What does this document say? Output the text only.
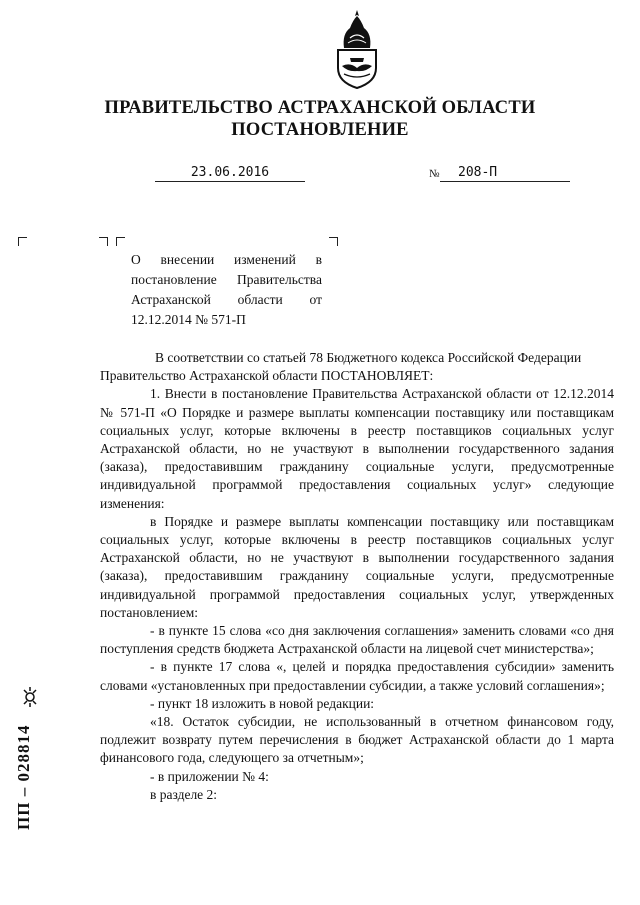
ПРАВИТЕЛЬСТВО АСТРАХАНСКОЙ ОБЛАСТИ
ПОСТАНОВЛЕНИЕ
23.06.2016	№	208-П
О внесении изменений в постановление Правительства Астраханской области от 12.12.2014 № 571-П

В соответствии со статьей 78 Бюджетного кодекса Российской Федерации

Правительство Астраханской области ПОСТАНОВЛЯЕТ:

1. Внести в постановление Правительства Астраханской области от 12.12.2014 № 571-П «О Порядке и размере выплаты компенсации поставщику или поставщикам социальных услуг, которые включены в реестр поставщиков социальных услуг Астраханской области, но не участвуют в выполнении государственного задания (заказа), предоставившим гражданину социальные услуги, предусмотренные индивидуальной программой предоставления социальных услуг» следующие изменения:

в Порядке и размере выплаты компенсации поставщику или поставщикам социальных услуг, которые включены в реестр поставщиков социальных услуг Астраханской области, но не участвуют в выполнении государственного задания (заказа), предоставившим гражданину социальные услуги, предусмотренные индивидуальной программой предоставления социальных услуг, утвержденных постановлением:

- в пункте 15 слова «со дня заключения соглашения» заменить словами «со дня поступления средств бюджета Астраханской области на лицевой счет министерства»;

- в пункте 17 слова «, целей и порядка предоставления субсидии» заменить словами «установленных при предоставлении субсидии, а также условий соглашения»;

- пункт 18 изложить в новой редакции:

«18. Остаток субсидии, не использованный в отчетном финансовом году, подлежит возврату путем перечисления в бюджет Астраханской области до 1 марта финансового года, следующего за отчетным»;

- в приложении № 4:

в разделе 2:

ПП – 028814
